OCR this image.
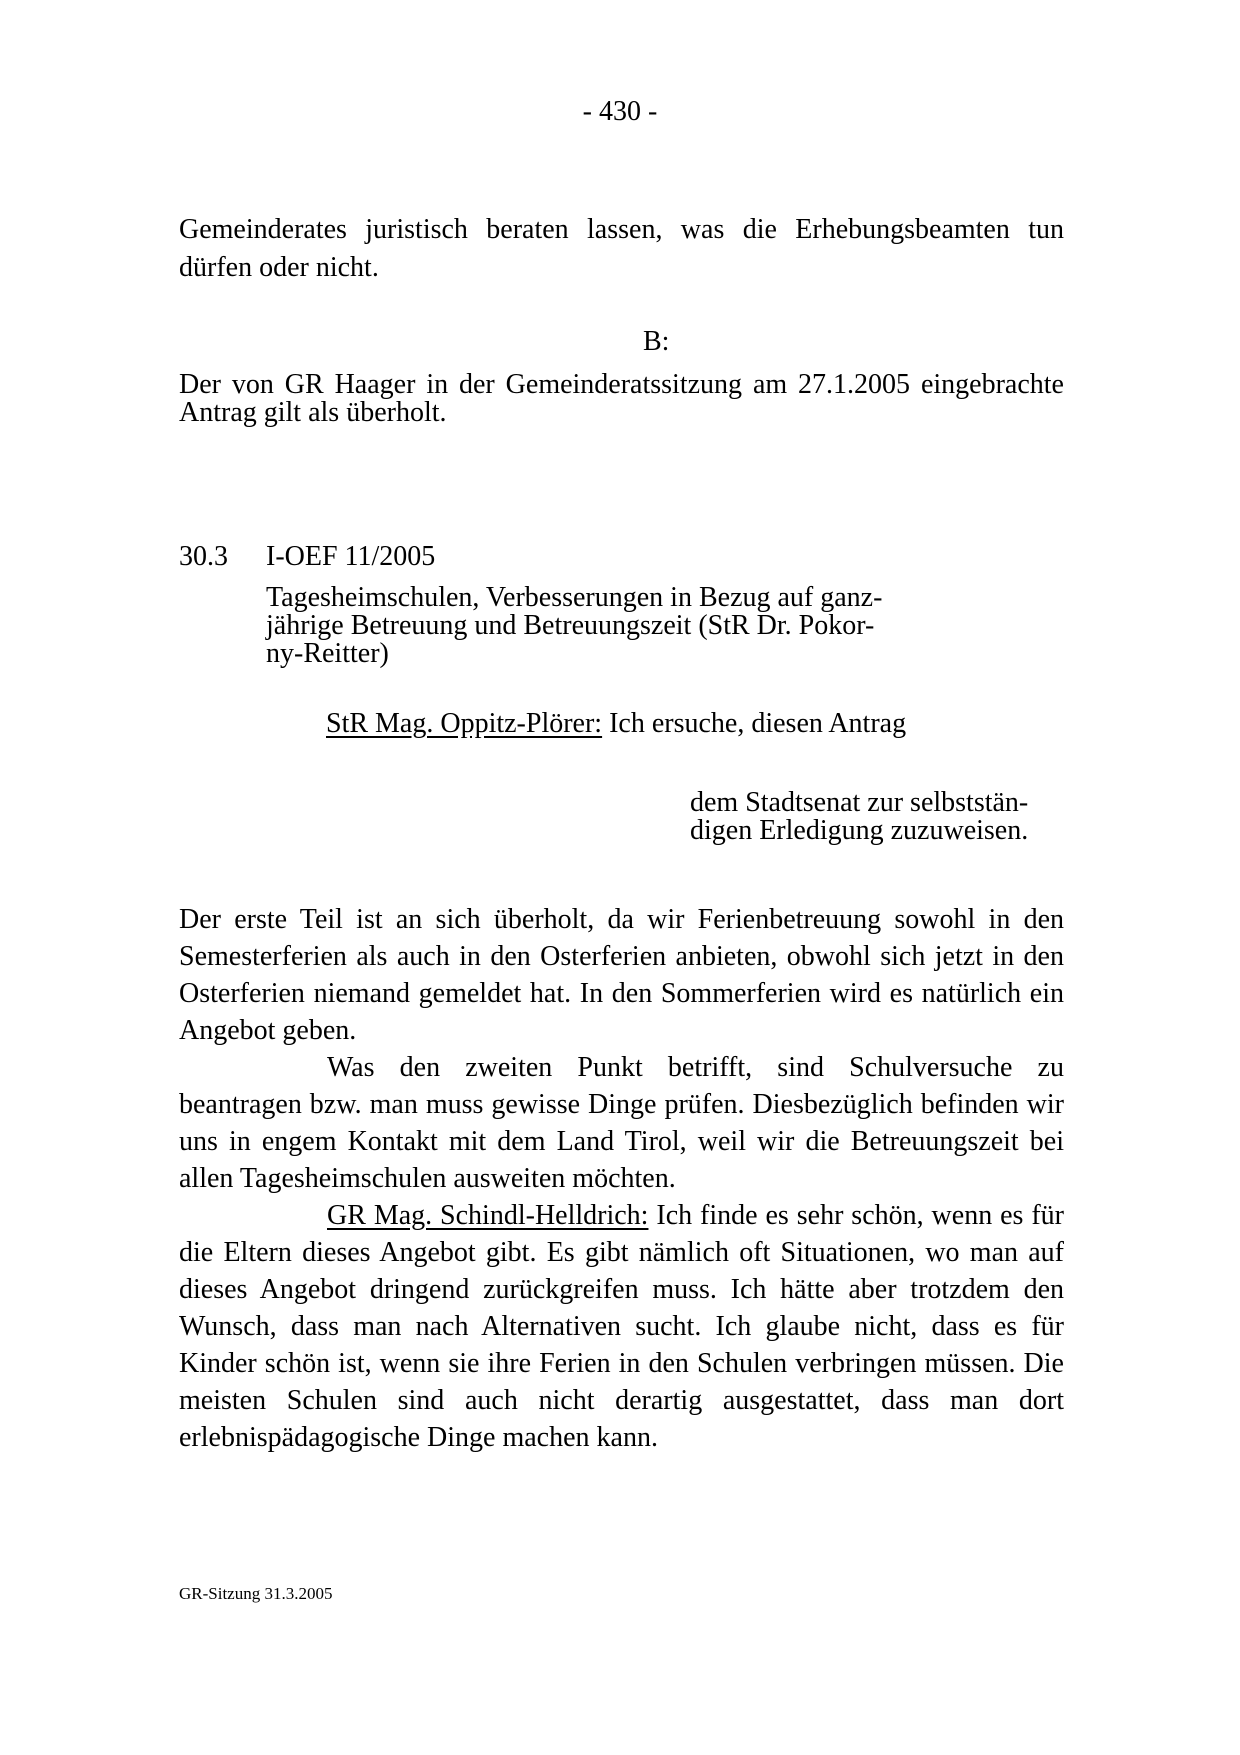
- 430 -
Gemeinderates juristisch beraten lassen, was die Erhebungsbeamten tun dürfen oder nicht.
B:
Der von GR Haager in der Gemeinderatssitzung am 27.1.2005 eingebrachte Antrag gilt als überholt.
30.3 I-OEF 11/2005
Tagesheimschulen, Verbesserungen in Bezug auf ganz-
jährige Betreuung und Betreuungszeit (StR Dr. Pokor-
ny-Reitter)
StR Mag. Oppitz-Plörer: Ich ersuche, diesen Antrag
dem Stadtsenat zur selbststän-
digen Erledigung zuzuweisen.
Der erste Teil ist an sich überholt, da wir Ferienbetreuung sowohl in den Semesterferien als auch in den Osterferien anbieten, obwohl sich jetzt in den Osterferien niemand gemeldet hat. In den Sommerferien wird es natürlich ein Angebot geben.
Was den zweiten Punkt betrifft, sind Schulversuche zu beantragen bzw. man muss gewisse Dinge prüfen. Diesbezüglich befinden wir uns in engem Kontakt mit dem Land Tirol, weil wir die Betreuungszeit bei allen Tagesheimschulen ausweiten möchten.
GR Mag. Schindl-Helldrich: Ich finde es sehr schön, wenn es für die Eltern dieses Angebot gibt. Es gibt nämlich oft Situationen, wo man auf dieses Angebot dringend zurückgreifen muss. Ich hätte aber trotzdem den Wunsch, dass man nach Alternativen sucht. Ich glaube nicht, dass es für Kinder schön ist, wenn sie ihre Ferien in den Schulen verbringen müssen. Die meisten Schulen sind auch nicht derartig ausgestattet, dass man dort erlebnispädagogische Dinge machen kann.
GR-Sitzung 31.3.2005
